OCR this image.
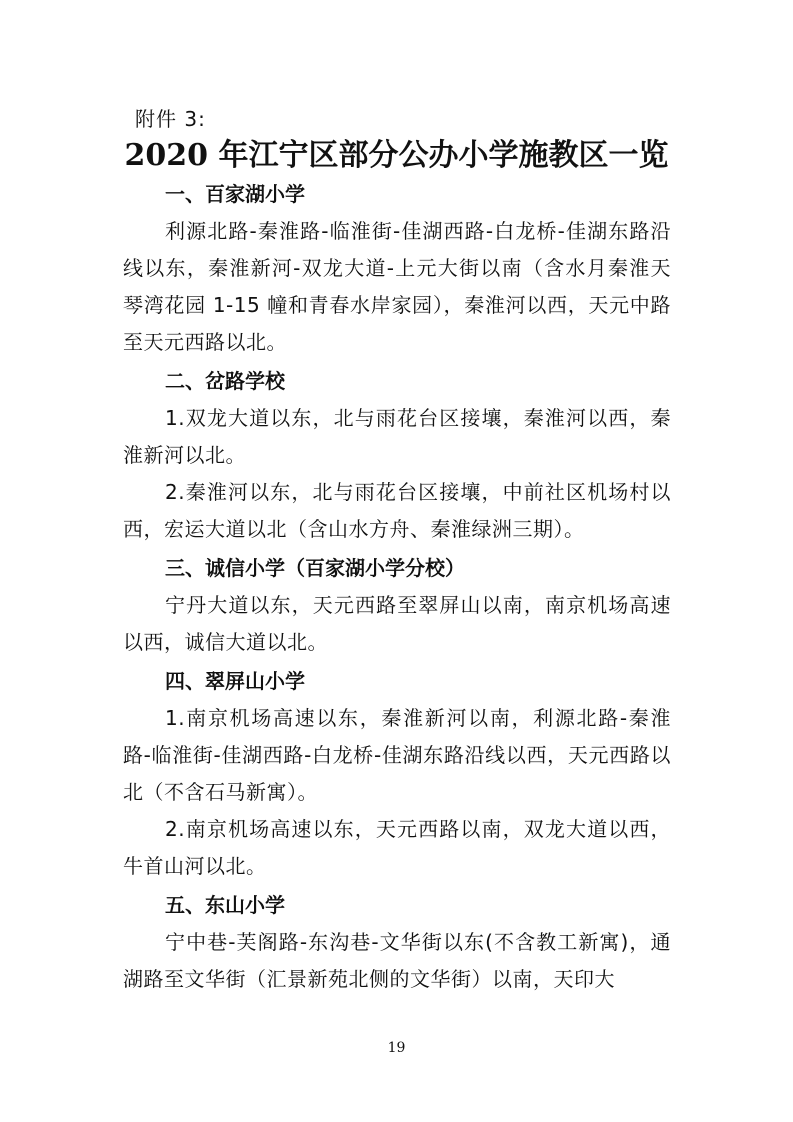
附件 3:
2020 年江宁区部分公办小学施教区一览
一、百家湖小学

利源北路-秦淮路-临淮街-佳湖西路-白龙桥-佳湖东路沿线以东，秦淮新河-双龙大道-上元大街以南（含水月秦淮天琴湾花园 1-15 幢和青春水岸家园），秦淮河以西，天元中路至天元西路以北。

二、岔路学校

1.双龙大道以东，北与雨花台区接壤，秦淮河以西，秦淮新河以北。

2.秦淮河以东，北与雨花台区接壤，中前社区机场村以西，宏运大道以北（含山水方舟、秦淮绿洲三期）。

三、诚信小学（百家湖小学分校）

宁丹大道以东，天元西路至翠屏山以南，南京机场高速以西，诚信大道以北。

四、翠屏山小学

1.南京机场高速以东，秦淮新河以南，利源北路-秦淮路-临淮街-佳湖西路-白龙桥-佳湖东路沿线以西，天元西路以北（不含石马新寓）。

2.南京机场高速以东，天元西路以南，双龙大道以西，牛首山河以北。

五、东山小学

宁中巷-芙阁路-东沟巷-文华街以东(不含教工新寓)，通湖路至文华街（汇景新苑北侧的文华街）以南，天印大

19
